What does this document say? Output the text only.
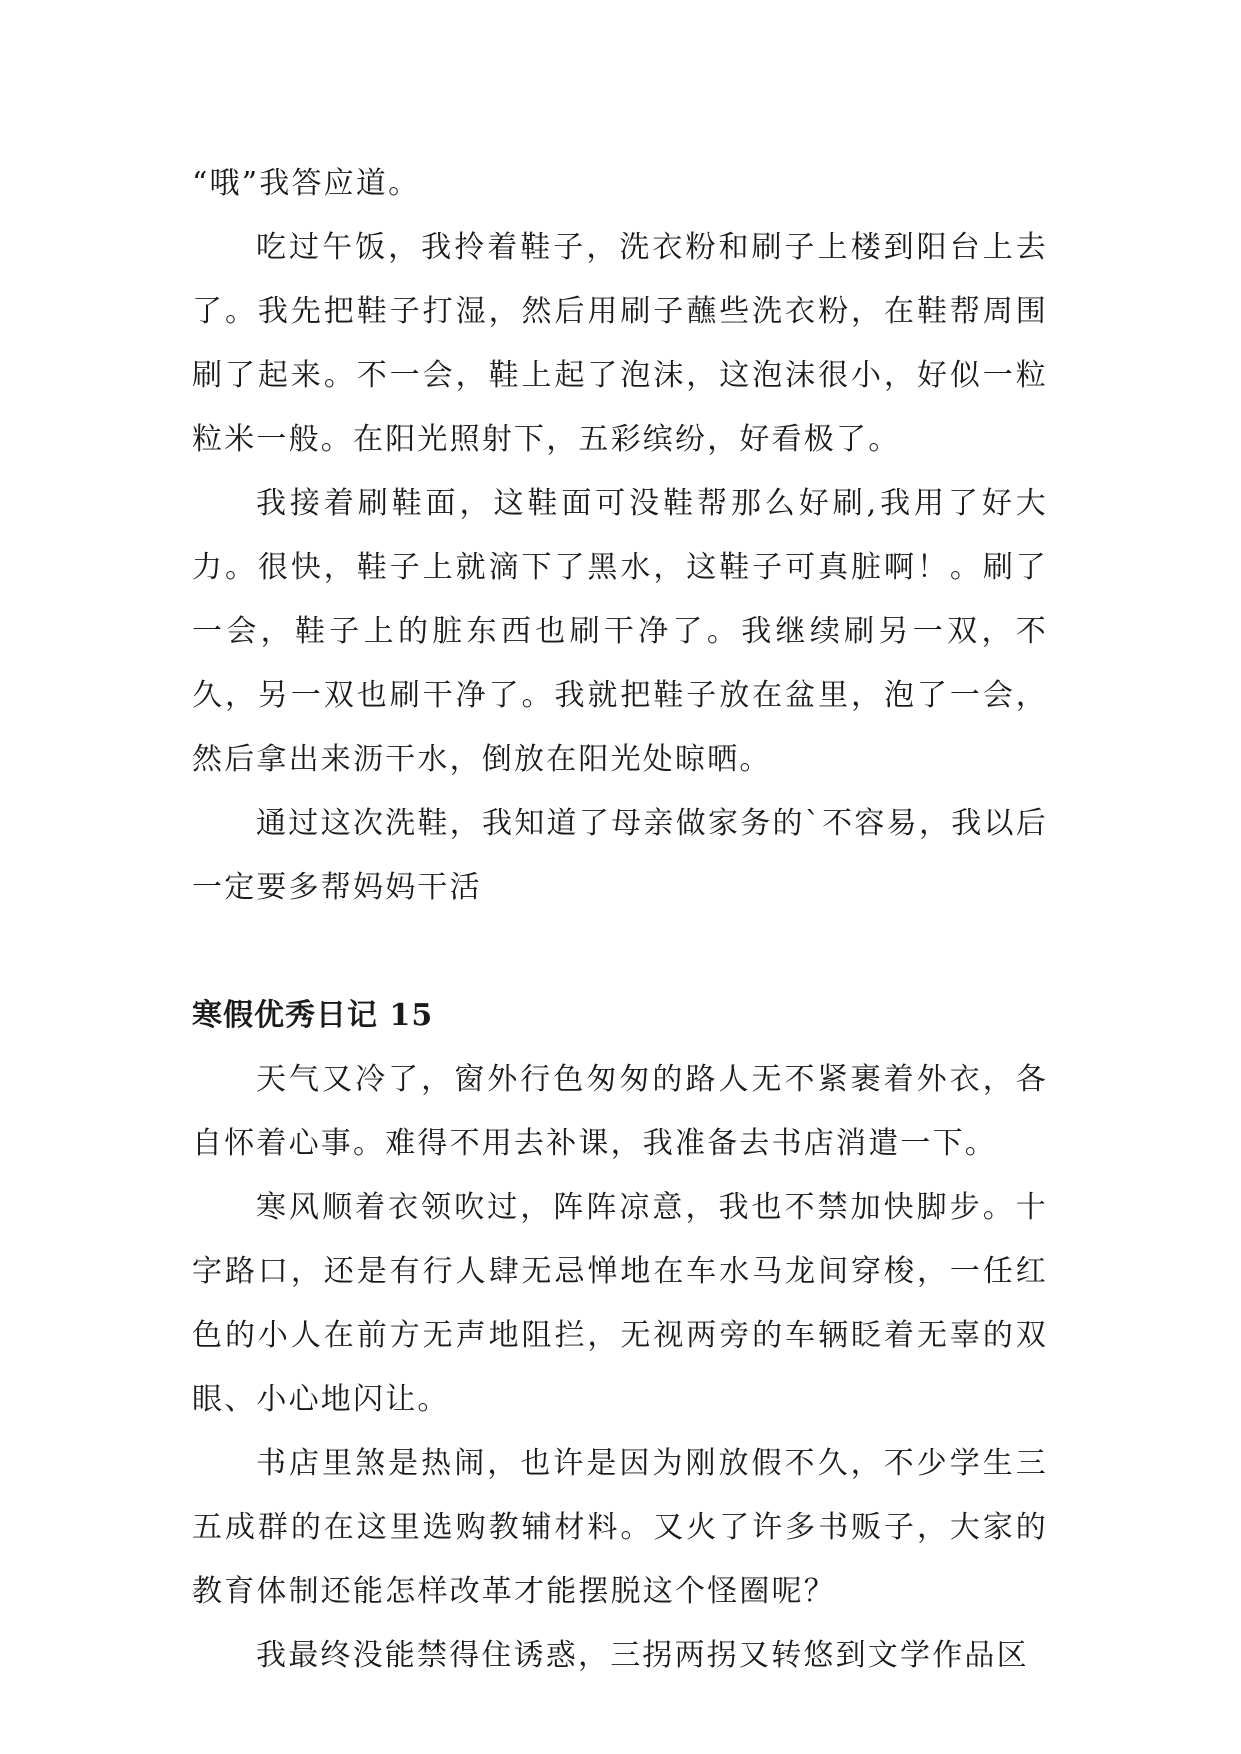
“哦”我答应道。

吃过午饭，我拎着鞋子，洗衣粉和刷子上楼到阳台上去了。我先把鞋子打湿，然后用刷子蘸些洗衣粉，在鞋帮周围刷了起来。不一会，鞋上起了泡沫，这泡沫很小，好似一粒粒米一般。在阳光照射下，五彩缤纷，好看极了。

我接着刷鞋面，这鞋面可没鞋帮那么好刷,我用了好大力。很快，鞋子上就滴下了黑水，这鞋子可真脏啊！。刷了一会，鞋子上的脏东西也刷干净了。我继续刷另一双，不久，另一双也刷干净了。我就把鞋子放在盆里，泡了一会，然后拿出来沥干水，倒放在阳光处晾晒。

通过这次洗鞋，我知道了母亲做家务的`不容易，我以后一定要多帮妈妈干活

寒假优秀日记 15

天气又冷了，窗外行色匆匆的路人无不紧裹着外衣，各自怀着心事。难得不用去补课，我准备去书店消遣一下。

寒风顺着衣领吹过，阵阵凉意，我也不禁加快脚步。十字路口，还是有行人肆无忌惮地在车水马龙间穿梭，一任红色的小人在前方无声地阻拦，无视两旁的车辆眨着无辜的双眼、小心地闪让。

书店里煞是热闹，也许是因为刚放假不久，不少学生三五成群的在这里选购教辅材料。又火了许多书贩子，大家的教育体制还能怎样改革才能摆脱这个怪圈呢？

我最终没能禁得住诱惑，三拐两拐又转悠到文学作品区
